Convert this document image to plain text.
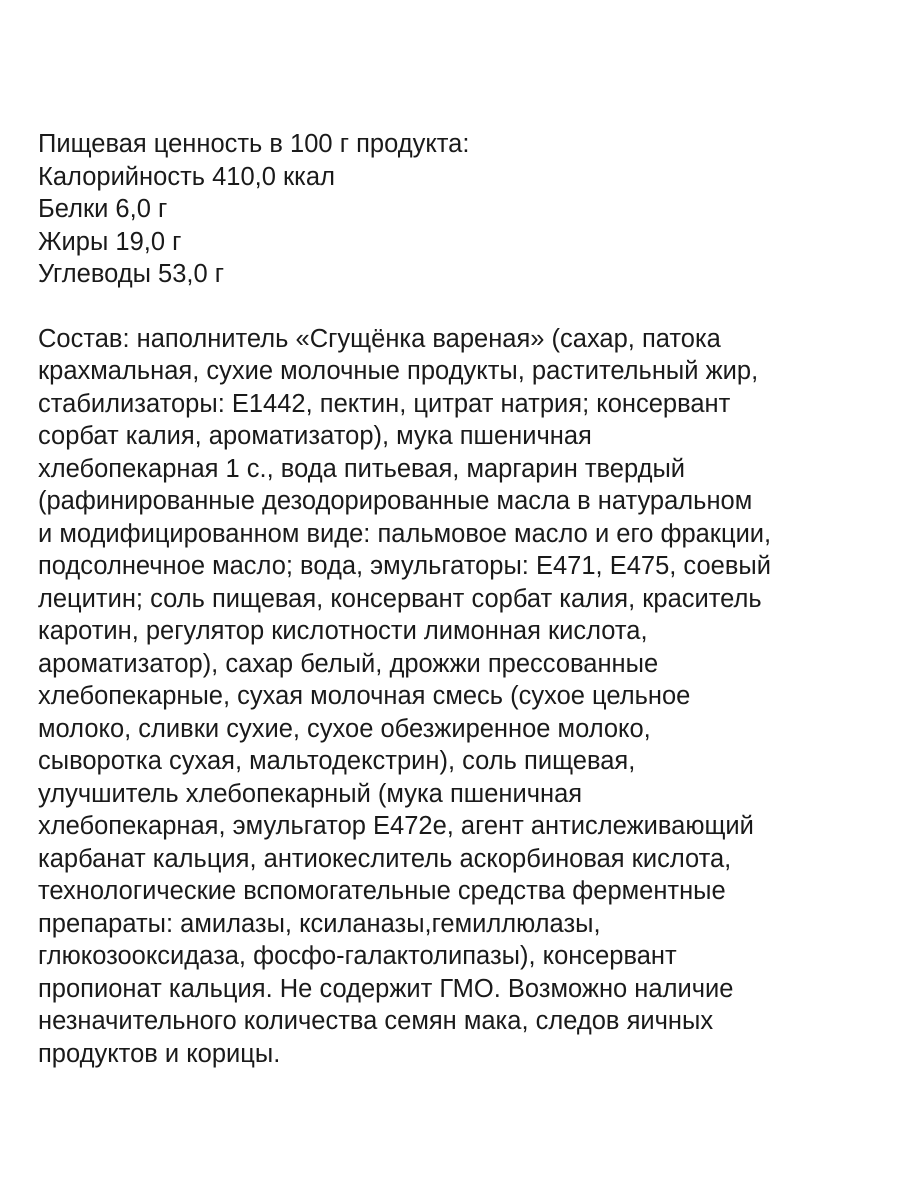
Пищевая ценность в 100 г продукта:

Калорийность 410,0 ккал

Белки 6,0 г

Жиры 19,0 г

Углеводы 53,0 г

Состав: наполнитель «Сгущёнка вареная» (сахар, патока

крахмальная, сухие молочные продукты, растительный жир,

стабилизаторы: Е1442, пектин, цитрат натрия; консервант

сорбат калия, ароматизатор), мука пшеничная

хлебопекарная 1 с., вода питьевая, маргарин твердый

(рафинированные дезодорированные масла в натуральном

и модифицированном виде: пальмовое масло и его фракции,

подсолнечное масло; вода, эмульгаторы: Е471, Е475, соевый

лецитин; соль пищевая, консервант сорбат калия, краситель

каротин, регулятор кислотности лимонная кислота,

ароматизатор), сахар белый, дрожжи прессованные

хлебопекарные, сухая молочная смесь (сухое цельное

молоко, сливки сухие, сухое обезжиренное молоко,

сыворотка сухая, мальтодекстрин), соль пищевая,

улучшитель хлебопекарный (мука пшеничная

хлебопекарная, эмульгатор Е472е, агент антислеживающий

карбанат кальция, антиокеслитель аскорбиновая кислота,

технологические вспомогательные средства ферментные

препараты: амилазы, ксиланазы,гемиллюлазы,

глюкозооксидаза, фосфо-галактолипазы), консервант

пропионат кальция. Не содержит ГМО. Возможно наличие

незначительного количества семян мака, следов яичных

продуктов и корицы.
